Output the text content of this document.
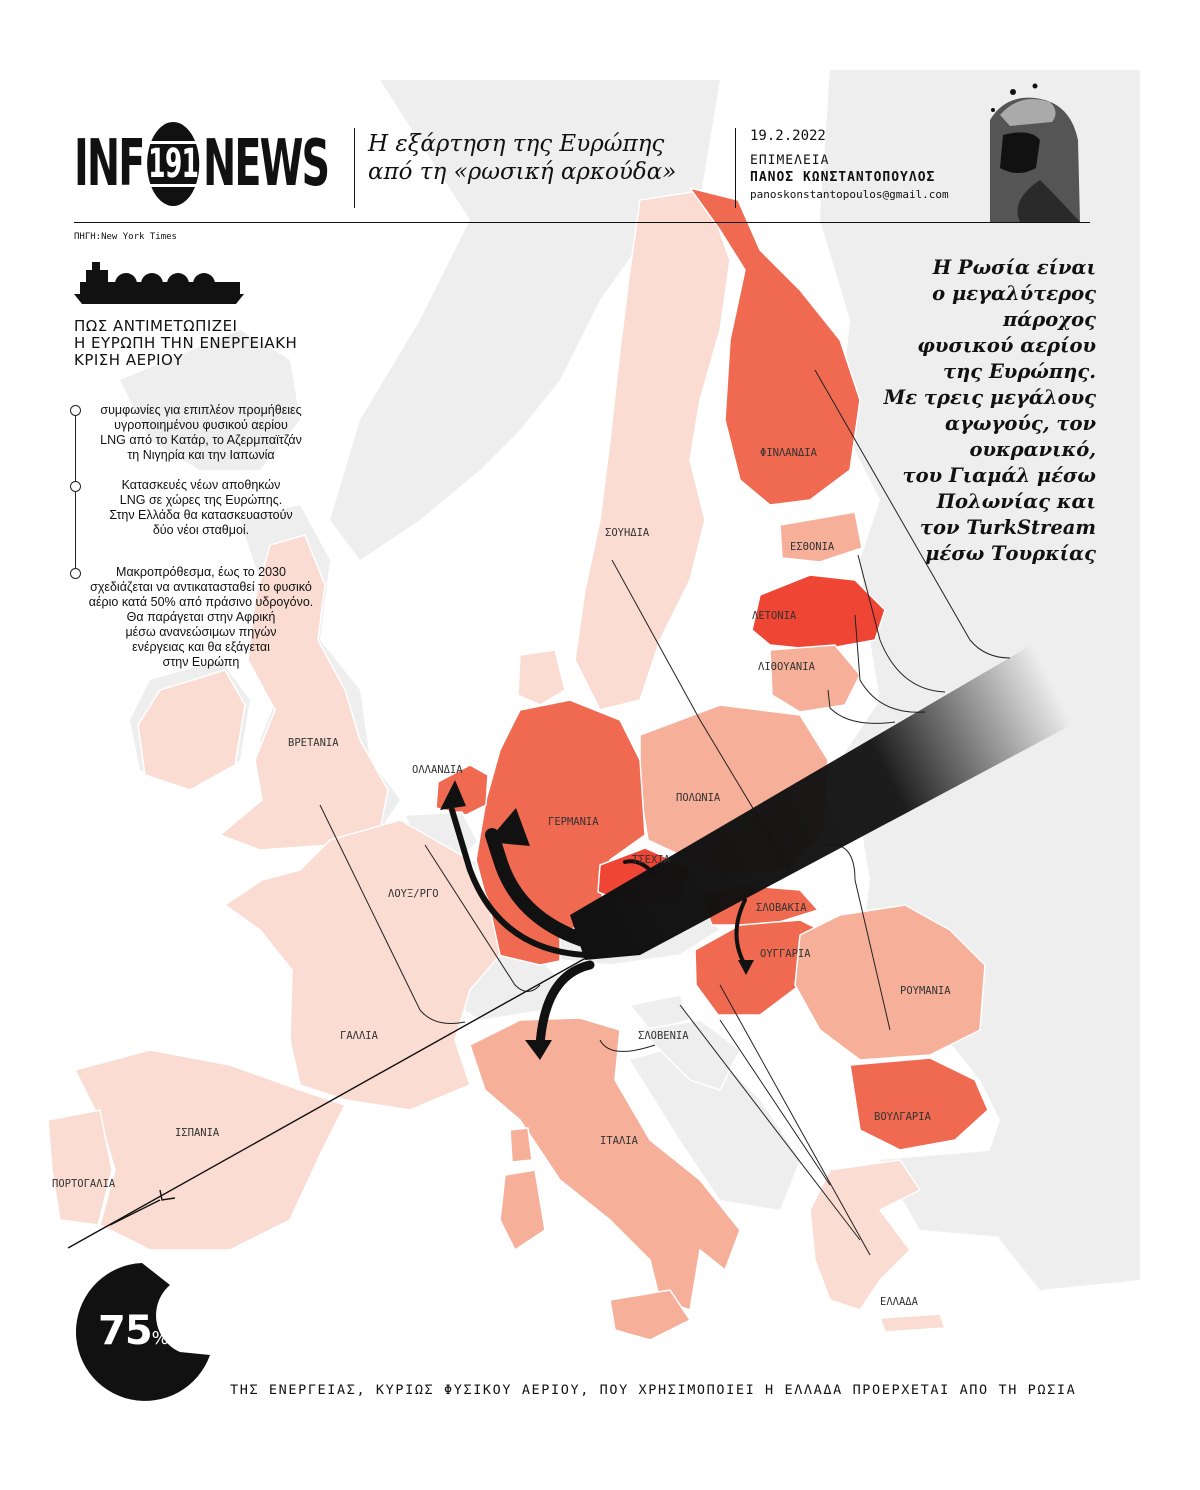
INF 191 NEWS Η εξάρτηση της Ευρώπης
από τη «ρωσική αρκούδα»
19.2.2022
ΕΠΙΜΕΛΕΙΑ
ΠΑΝΟΣ ΚΩΝΣΤΑΝΤΟΠΟΥΛΟΣ
panoskonstantopoulos@gmail.com
ΠΗΓΗ:New York Times
ΠΩΣ ΑΝΤΙΜΕΤΩΠΙΖΕΙ
Η ΕΥΡΩΠΗ ΤΗΝ ΕΝΕΡΓΕΙΑΚΗ
ΚΡΙΣΗ ΑΕΡΙΟΥ
συμφωνίες για επιπλέον προμήθειες
υγροποιημένου φυσικού αερίου
LNG από το Κατάρ, το Αζερμπαϊτζάν
τη Νιγηρία και την Ιαπωνία
Κατασκευές νέων αποθηκών
LNG σε χώρες της Ευρώπης.
Στην Ελλάδα θα κατασκευαστούν
δύο νέοι σταθμοί.
Μακροπρόθεσμα, έως το 2030
σχεδιάζεται να αντικατασταθεί το φυσικό
αέριο κατά 50% από πράσινο υδρογόνο.
Θα παράγεται στην Αφρική
μέσω ανανεώσιμων πηγών
ενέργειας και θα εξάγεται
στην Ευρώπη
Η Ρωσία είναι
ο μεγαλύτερος
πάροχος
φυσικού αερίου
της Ευρώπης.
Με τρεις μεγάλους
αγωγούς, τον
ουκρανικό,
του Γιαμάλ μέσω
Πολωνίας και
τον TurkStream
μέσω Τουρκίας
ΦΙΝΛΑΝΔΙΑ
ΣΟΥΗΔΙΑ
ΕΣΘΟΝΙΑ
ΛΕΤΟΝΙΑ
ΛΙΘΟΥΑΝΙΑ
ΒΡΕΤΑΝΙΑ
ΟΛΛΑΝΔΙΑ
ΓΕΡΜΑΝΙΑ
ΠΟΛΩΝΙΑ
ΤΣΕΧΙΑ
ΛΟΥΞ/ΡΓΟ
ΣΛΟΒΑΚΙΑ
ΟΥΓΓΑΡΙΑ
ΡΟΥΜΑΝΙΑ
ΓΑΛΛΙΑ	ΣΛΟΒΕΝΙΑ
ΒΟΥΛΓΑΡΙΑ
ΙΣΠΑΝΙΑ
ΙΤΑΛΙΑ
ΠΟΡΤΟΓΑΛΙΑ
ΕΛΛΑΔΑ
75%
ΤΗΣ ΕΝΕΡΓΕΙΑΣ, ΚΥΡΙΩΣ ΦΥΣΙΚΟΥ ΑΕΡΙΟΥ, ΠΟΥ ΧΡΗΣΙΜΟΠΟΙΕΙ Η ΕΛΛΑΔΑ ΠΡΟΕΡΧΕΤΑΙ ΑΠΟ ΤΗ ΡΩΣΙΑ
